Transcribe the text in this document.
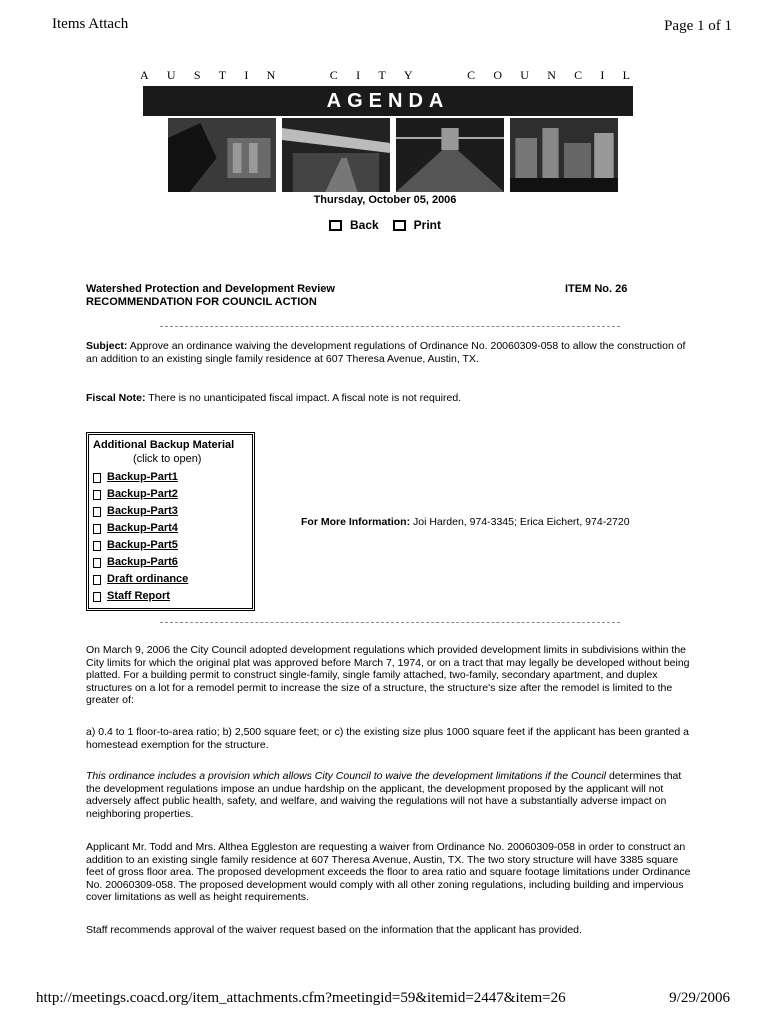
Items Attach	Page 1 of 1
A U S T I N	C I T Y	C O U N C I L
AGENDA
Thursday, October 05, 2006
Back	Print
Watershed Protection and Development Review
RECOMMENDATION FOR COUNCIL ACTION
ITEM No. 26
Subject: Approve an ordinance waiving the development regulations of Ordinance No. 20060309-058 to allow the construction of an addition to an existing single family residence at 607 Theresa Avenue, Austin, TX.
Fiscal Note: There is no unanticipated fiscal impact. A fiscal note is not required.
Additional Backup Material
(click to open)
Backup-Part1
Backup-Part2
Backup-Part3
Backup-Part4
Backup-Part5
Backup-Part6
Draft ordinance
Staff Report
For More Information: Joi Harden, 974-3345; Erica Eichert, 974-2720
On March 9, 2006 the City Council adopted development regulations which provided development limits in subdivisions within the City limits for which the original plat was approved before March 7, 1974, or on a tract that may legally be developed without being platted. For a building permit to construct single-family, single family attached, two-family, secondary apartment, and duplex structures on a lot for a remodel permit to increase the size of a structure, the structure's size after the remodel is limited to the greater of:
a) 0.4 to 1 floor-to-area ratio; b) 2,500 square feet; or c) the existing size plus 1000 square feet if the applicant has been granted a homestead exemption for the structure.
This ordinance includes a provision which allows City Council to waive the development limitations if the Council determines that the development regulations impose an undue hardship on the applicant, the development proposed by the applicant will not adversely affect public health, safety, and welfare, and waiving the regulations will not have a substantially adverse impact on neighboring properties.
Applicant Mr. Todd and Mrs. Althea Eggleston are requesting a waiver from Ordinance No. 20060309-058 in order to construct an addition to an existing single family residence at 607 Theresa Avenue, Austin, TX. The two story structure will have 3385 square feet of gross floor area. The proposed development exceeds the floor to area ratio and square footage limitations under Ordinance No. 20060309-058. The proposed development would comply with all other zoning regulations, including building and impervious cover limitations as well as height requirements.
Staff recommends approval of the waiver request based on the information that the applicant has provided.
http://meetings.coacd.org/item_attachments.cfm?meetingid=59&itemid=2447&item=26	9/29/2006
